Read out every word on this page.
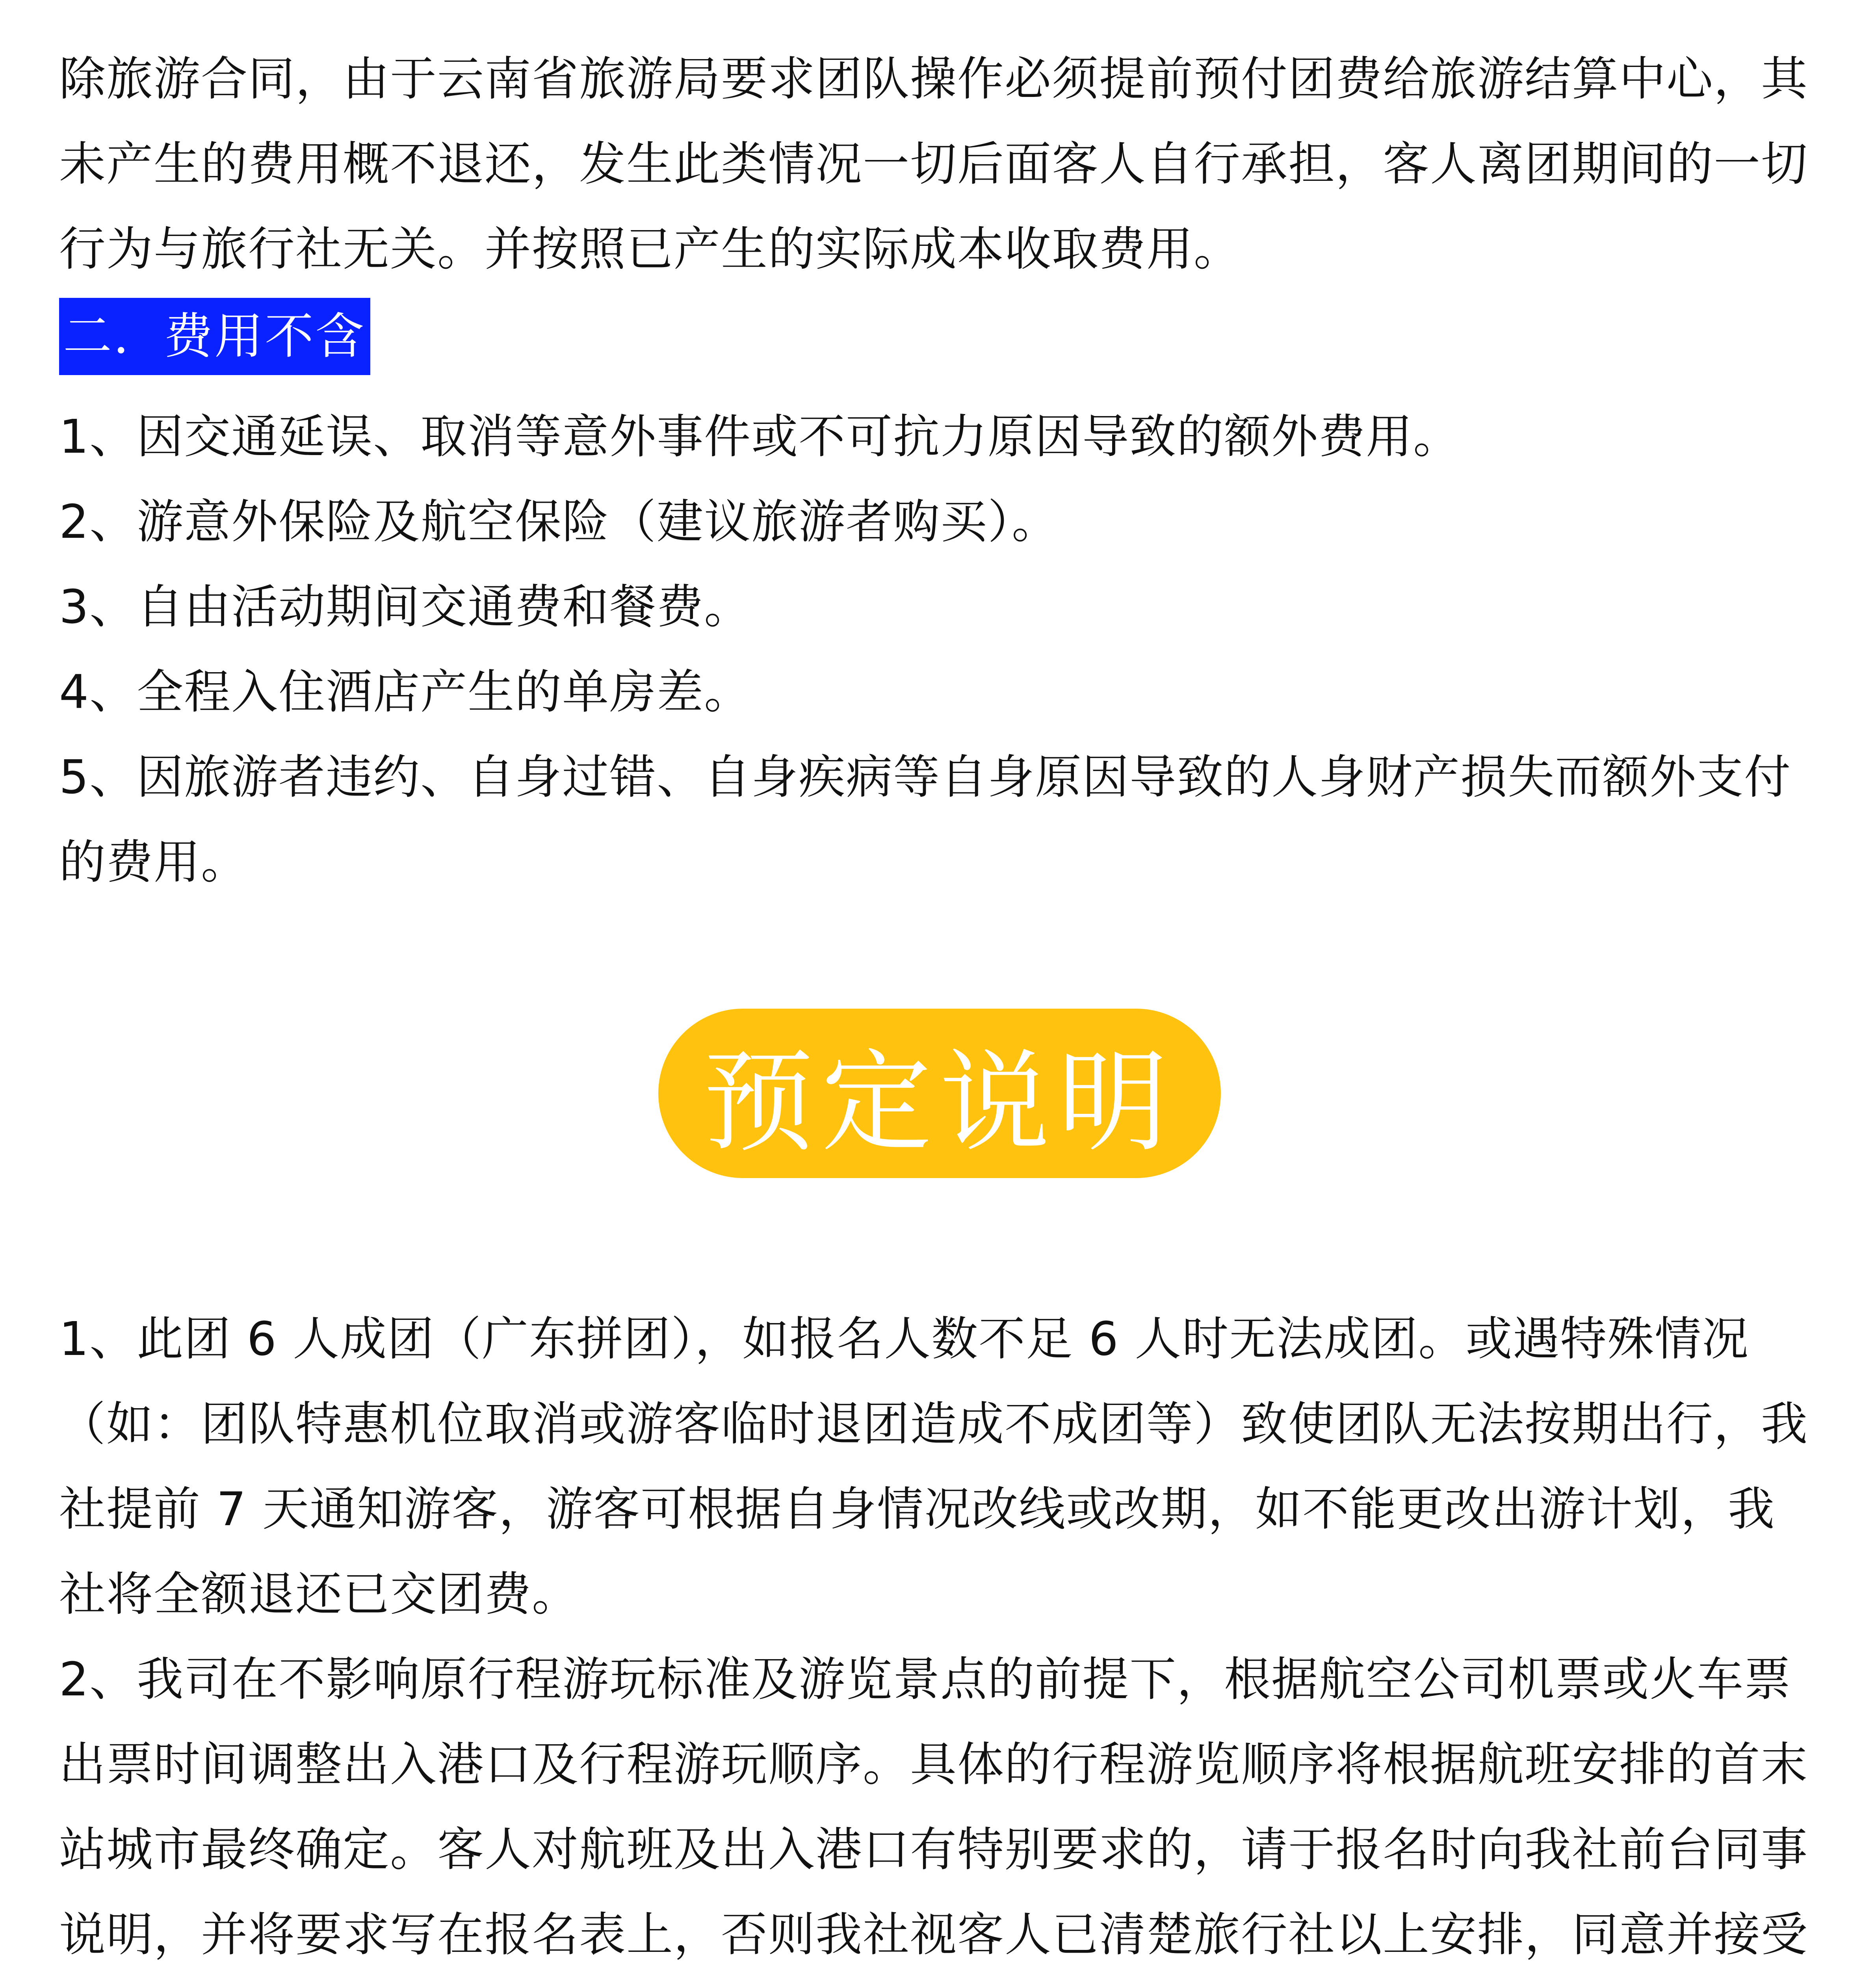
除旅游合同，由于云南省旅游局要求团队操作必须提前预付团费给旅游结算中心，其未产生的费用概不退还，发生此类情况一切后面客人自行承担，客人离团期间的一切行为与旅行社无关。并按照已产生的实际成本收取费用。

二．费用不含

1、因交通延误、取消等意外事件或不可抗力原因导致的额外费用。

2、游意外保险及航空保险（建议旅游者购买）。

3、自由活动期间交通费和餐费。

4、全程入住酒店产生的单房差。

5、因旅游者违约、自身过错、自身疾病等自身原因导致的人身财产损失而额外支付的费用。

预定说明

1、此团 6 人成团（广东拼团），如报名人数不足 6 人时无法成团。或遇特殊情况（如：团队特惠机位取消或游客临时退团造成不成团等）致使团队无法按期出行，我社提前 7 天通知游客，游客可根据自身情况改线或改期，如不能更改出游计划，我社将全额退还已交团费。

2、我司在不影响原行程游玩标准及游览景点的前提下，根据航空公司机票或火车票出票时间调整出入港口及行程游玩顺序。具体的行程游览顺序将根据航班安排的首末站城市最终确定。客人对航班及出入港口有特别要求的，请于报名时向我社前台同事说明，并将要求写在报名表上，否则我社视客人已清楚旅行社以上安排，同意并接受
